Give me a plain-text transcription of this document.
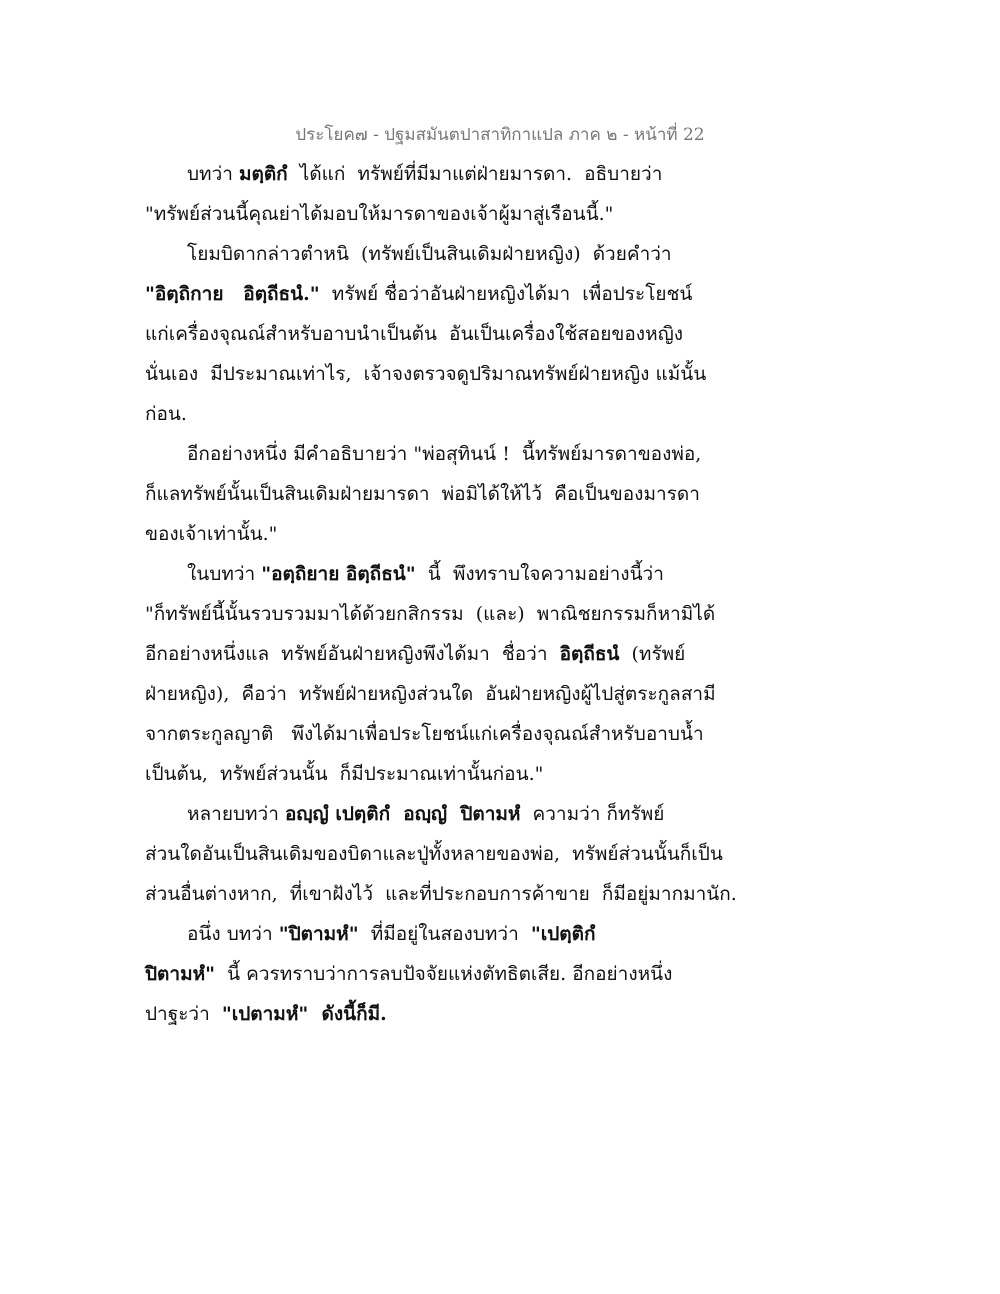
ประโยค๗ - ปฐมสมันตปาสาทิกาแปล ภาค ๒ - หน้าที่ 22
บทว่า มตฺติกํ  ได้แก่  ทรัพย์ที่มีมาแต่ฝ่ายมารดา.  อธิบายว่า
"ทรัพย์ส่วนนี้คุณย่าได้มอบให้มารดาของเจ้าผู้มาสู่เรือนนี้."
โยมบิดากล่าวตำหนิ  (ทรัพย์เป็นสินเดิมฝ่ายหญิง)  ด้วยคำว่า
"อิตฺถิกาย   อิตฺถีธนํ."  ทรัพย์ ชื่อว่าอันฝ่ายหญิงได้มา  เพื่อประโยชน์
แก่เครื่องจุณณ์สำหรับอาบนำเป็นต้น  อันเป็นเครื่องใช้สอยของหญิง
นั่นเอง  มีประมาณเท่าไร,  เจ้าจงตรวจดูปริมาณทรัพย์ฝ่ายหญิง แม้นั้น
ก่อน.
อีกอย่างหนึ่ง มีคำอธิบายว่า "พ่อสุทินน์ !  นี้ทรัพย์มารดาของพ่อ,
ก็แลทรัพย์นั้นเป็นสินเดิมฝ่ายมารดา  พ่อมิได้ให้ไว้  คือเป็นของมารดา
ของเจ้าเท่านั้น."
ในบทว่า "อตฺถิยาย อิตฺถีธนํ"  นี้  พึงทราบใจความอย่างนี้ว่า
"ก็ทรัพย์นี้นั้นรวบรวมมาได้ด้วยกสิกรรม  (และ)  พาณิชยกรรมก็หามิได้
อีกอย่างหนึ่งแล  ทรัพย์อันฝ่ายหญิงพึงได้มา  ชื่อว่า  อิตฺถีธนํ  (ทรัพย์
ฝ่ายหญิง),  คือว่า  ทรัพย์ฝ่ายหญิงส่วนใด  อันฝ่ายหญิงผู้ไปสู่ตระกูลสามี
จากตระกูลญาติ   พึงได้มาเพื่อประโยชน์แก่เครื่องจุณณ์สำหรับอาบน้ำ
เป็นต้น,  ทรัพย์ส่วนนั้น  ก็มีประมาณเท่านั้นก่อน."
หลายบทว่า อญฺญํ เปตฺติกํ  อญฺญํ  ปิตามหํ  ความว่า ก็ทรัพย์
ส่วนใดอันเป็นสินเดิมของบิดาและปู่ทั้งหลายของพ่อ,  ทรัพย์ส่วนนั้นก็เป็น
ส่วนอื่นต่างหาก,  ที่เขาฝังไว้  และที่ประกอบการค้าขาย  ก็มีอยู่มากมานัก.
อนึ่ง บทว่า "ปิตามหํ"  ที่มีอยู่ในสองบทว่า  "เปตฺติกํ
ปิตามหํ"  นี้ ควรทราบว่าการลบปัจจัยแห่งตัทธิตเสีย. อีกอย่างหนึ่ง
ปาฐะว่า  "เปตามหํ"  ดังนี้ก็มี.
